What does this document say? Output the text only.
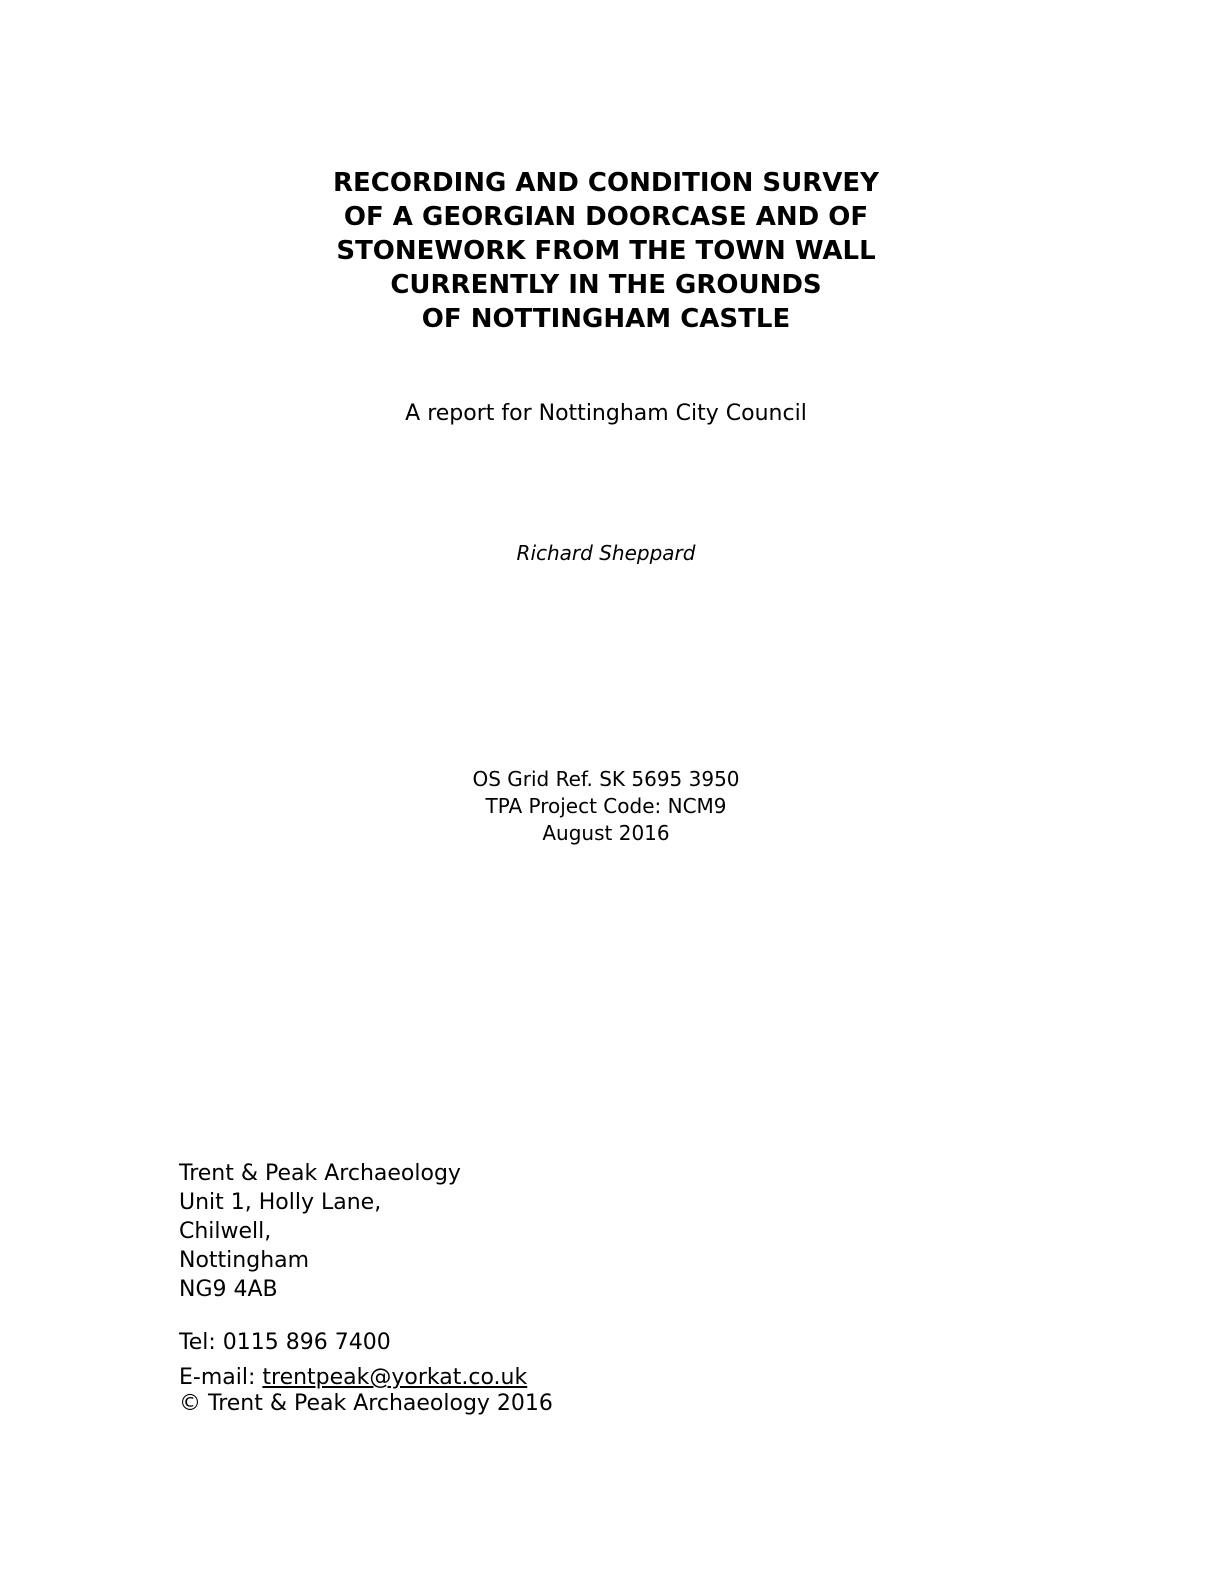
RECORDING AND CONDITION SURVEY
OF A GEORGIAN DOORCASE AND OF
STONEWORK FROM THE TOWN WALL
CURRENTLY IN THE GROUNDS
OF NOTTINGHAM CASTLE
A report for Nottingham City Council
Richard Sheppard
OS Grid Ref. SK 5695 3950
TPA Project Code: NCM9
August 2016
Trent & Peak Archaeology
Unit 1, Holly Lane,
Chilwell,
Nottingham
NG9 4AB
Tel: 0115 896 7400
E-mail: trentpeak@yorkat.co.uk
© Trent & Peak Archaeology 2016
